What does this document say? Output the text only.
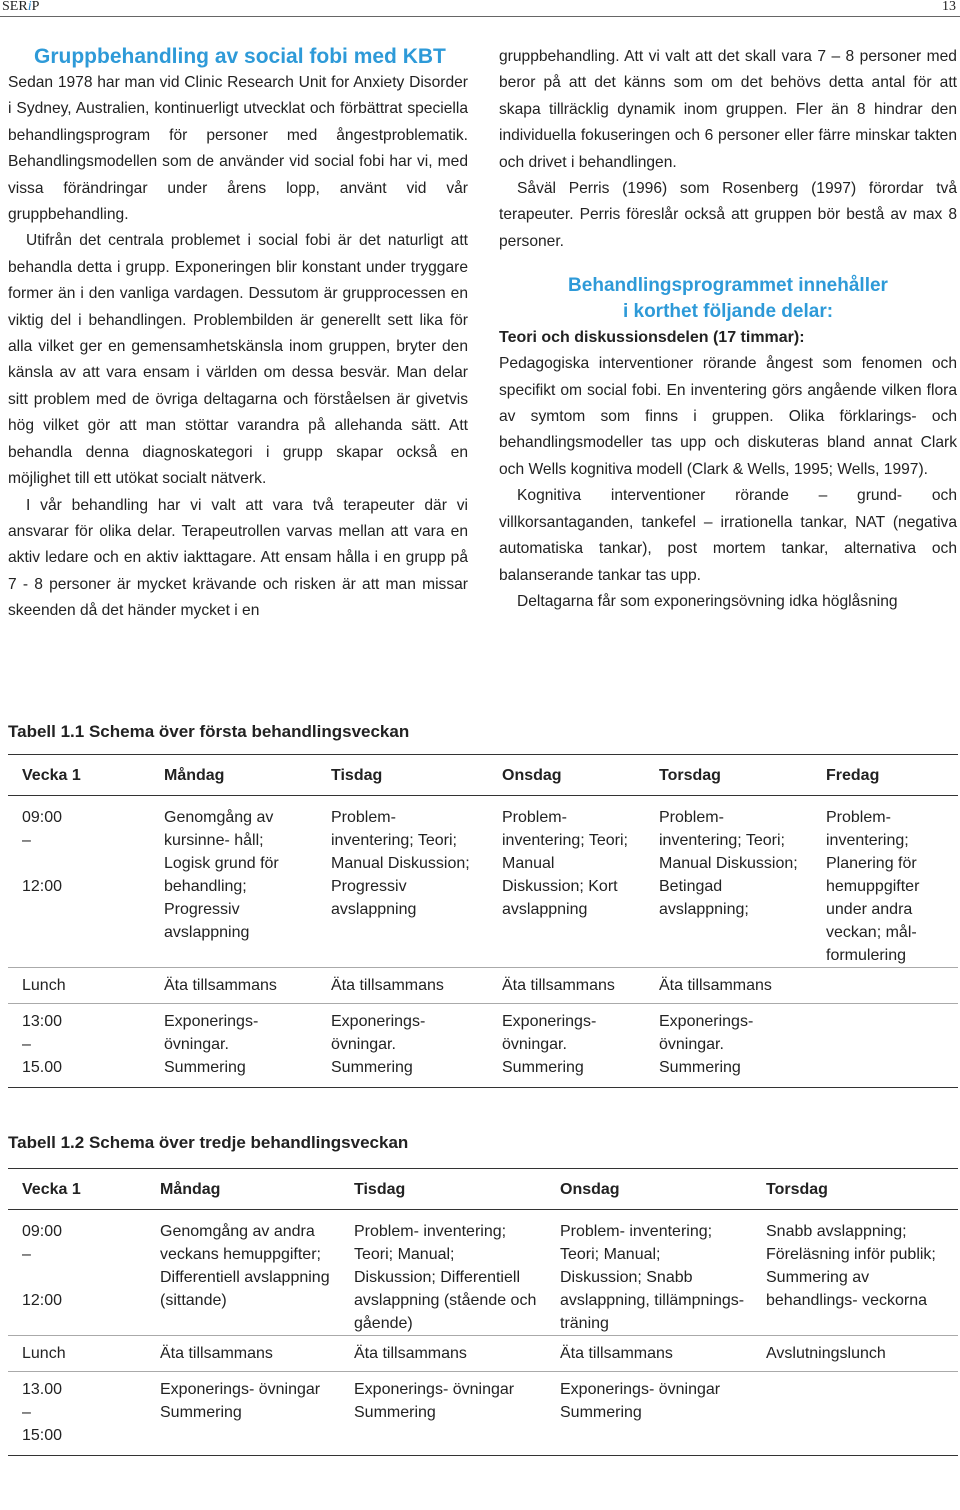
SERiP	13
Gruppbehandling av social fobi med KBT

Sedan 1978 har man vid Clinic Research Unit for Anxiety Disorder i Sydney, Australien, kontinuerligt utvecklat och förbättrat speciella behandlingsprogram för personer med ångestproblematik. Behandlingsmodellen som de använder vid social fobi har vi, med vissa förändringar under årens lopp, använt vid vår gruppbehandling.

Utifrån det centrala problemet i social fobi är det naturligt att behandla detta i grupp. Exponeringen blir konstant under tryggare former än i den vanliga vardagen. Dessutom är grupprocessen en viktig del i behandlingen. Problembilden är generellt sett lika för alla vilket ger en gemensamhetskänsla inom gruppen, bryter den känsla av att vara ensam i världen om dessa besvär. Man delar sitt problem med de övriga deltagarna och förståelsen är givetvis hög vilket gör att man stöttar varandra på allehanda sätt. Att behandla denna diagnoskategori i grupp skapar också en möjlighet till ett utökat socialt nätverk.

I vår behandling har vi valt att vara två terapeuter där vi ansvarar för olika delar. Terapeutrollen varvas mellan att vara en aktiv ledare och en aktiv iakttagare. Att ensam hålla i en grupp på 7 - 8 personer är mycket krävande och risken är att man missar skeenden då det händer mycket i en

gruppbehandling. Att vi valt att det skall vara 7 – 8 personer med beror på att det känns som om det behövs detta antal för att skapa tillräcklig dynamik inom gruppen. Fler än 8 hindrar den individuella fokuseringen och 6 personer eller färre minskar takten och drivet i behandlingen.

Såväl Perris (1996) som Rosenberg (1997) förordar två terapeuter. Perris föreslår också att gruppen bör bestå av max 8 personer.

Behandlingsprogrammet innehåller
i korthet följande delar:
Teori och diskussionsdelen (17 timmar):

Pedagogiska interventioner rörande ångest som fenomen och specifikt om social fobi. En inventering görs angående vilken flora av symtom som finns i gruppen. Olika förklarings- och behandlingsmodeller tas upp och diskuteras bland annat Clark och Wells kognitiva modell (Clark & Wells, 1995; Wells, 1997).

Kognitiva interventioner rörande – grund- och villkorsantaganden, tankefel – irrationella tankar, NAT (negativa automatiska tankar), post mortem tankar, alternativa och balanserande tankar tas upp.

Deltagarna får som exponeringsövning idka höglåsning

Tabell 1.1 Schema över första behandlingsveckan
Vecka 1	Måndag	Tisdag	Onsdag	Torsdag	Fredag

09:00
–
12:00	Genomgång av kursinne- håll; Logisk grund för behandling; Progressiv avslappning	Problem- inventering; Teori; Manual Diskussion; Progressiv avslappning	Problem- inventering; Teori; Manual Diskussion; Kort avslappning	Problem- inventering; Teori; Manual Diskussion; Betingad avslappning;	Problem- inventering; Planering för hemuppgifter under andra veckan; mål- formulering
Lunch	Äta tillsammans	Äta tillsammans	Äta tillsammans	Äta tillsammans	

13:00
–
15.00	Exponerings- övningar. Summering	Exponerings- övningar. Summering	Exponerings- övningar. Summering	Exponerings- övningar. Summering	
Tabell 1.2 Schema över tredje behandlingsveckan
Vecka 1	Måndag	Tisdag	Onsdag	Torsdag

09:00
–
12:00	Genomgång av andra veckans hemuppgifter; Differentiell avslappning (sittande)	Problem- inventering; Teori; Manual; Diskussion; Differentiell avslappning (stående och gående)	Problem- inventering; Teori; Manual; Diskussion; Snabb avslappning, tillämpnings-träning	Snabb avslappning; Föreläsning inför publik; Summering av behandlings- veckorna
Lunch	Äta tillsammans	Äta tillsammans	Äta tillsammans	Avslutningslunch

13.00
–
15:00	Exponerings- övningar Summering	Exponerings- övningar Summering	Exponerings- övningar Summering	
